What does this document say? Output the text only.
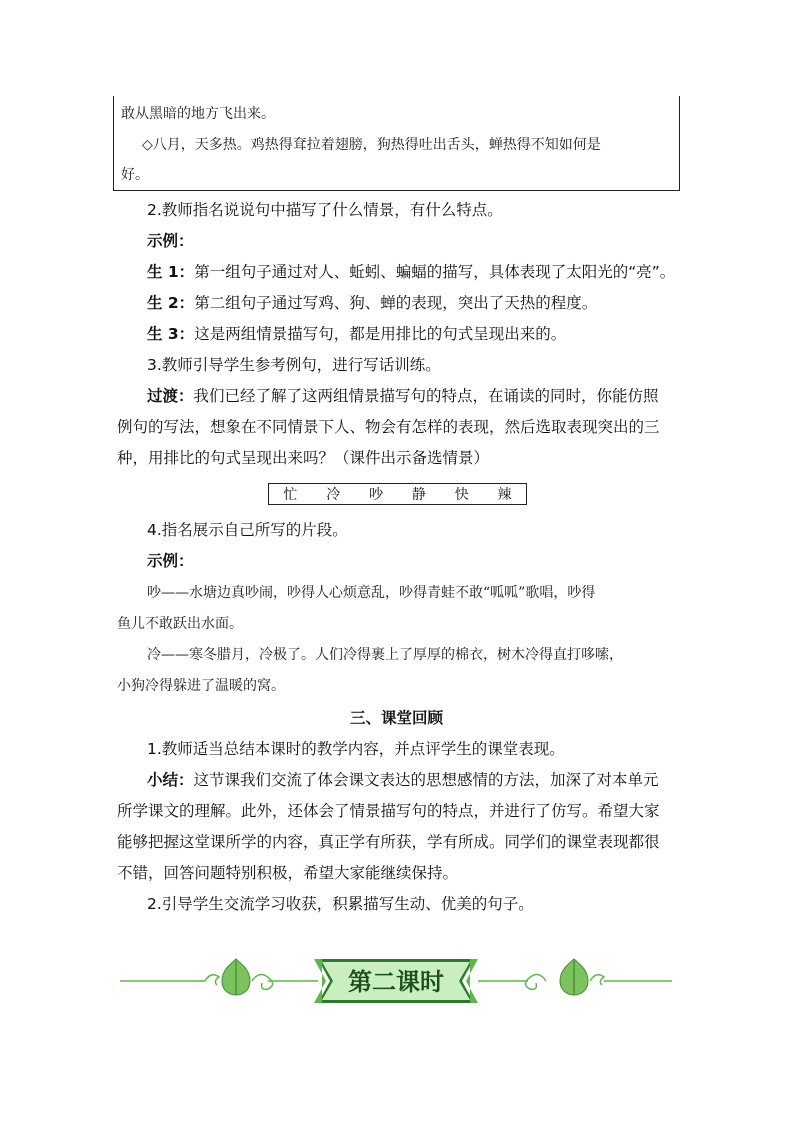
敢从黑暗的地方飞出来。
◇八月，天多热。鸡热得耷拉着翅膀，狗热得吐出舌头，蝉热得不知如何是
好。
2.教师指名说说句中描写了什么情景，有什么特点。
示例：
生 1：第一组句子通过对人、蚯蚓、蝙蝠的描写，具体表现了太阳光的“亮”。
生 2：第二组句子通过写鸡、狗、蝉的表现，突出了天热的程度。
生 3：这是两组情景描写句，都是用排比的句式呈现出来的。
3.教师引导学生参考例句，进行写话训练。
过渡：我们已经了解了这两组情景描写句的特点，在诵读的同时，你能仿照
例句的写法，想象在不同情景下人、物会有怎样的表现，然后选取表现突出的三
种，用排比的句式呈现出来吗？（课件出示备选情景）
忙 冷 吵 静 快 辣
4.指名展示自己所写的片段。
示例：
吵——水塘边真吵闹，吵得人心烦意乱，吵得青蛙不敢“呱呱”歌唱，吵得
鱼儿不敢跃出水面。
冷——寒冬腊月，冷极了。人们冷得裹上了厚厚的棉衣，树木冷得直打哆嗦，
小狗冷得躲进了温暖的窝。
三、课堂回顾
1.教师适当总结本课时的教学内容，并点评学生的课堂表现。
小结：这节课我们交流了体会课文表达的思想感情的方法，加深了对本单元
所学课文的理解。此外，还体会了情景描写句的特点，并进行了仿写。希望大家
能够把握这堂课所学的内容，真正学有所获，学有所成。同学们的课堂表现都很
不错，回答问题特别积极，希望大家能继续保持。
2.引导学生交流学习收获，积累描写生动、优美的句子。
第二课时
